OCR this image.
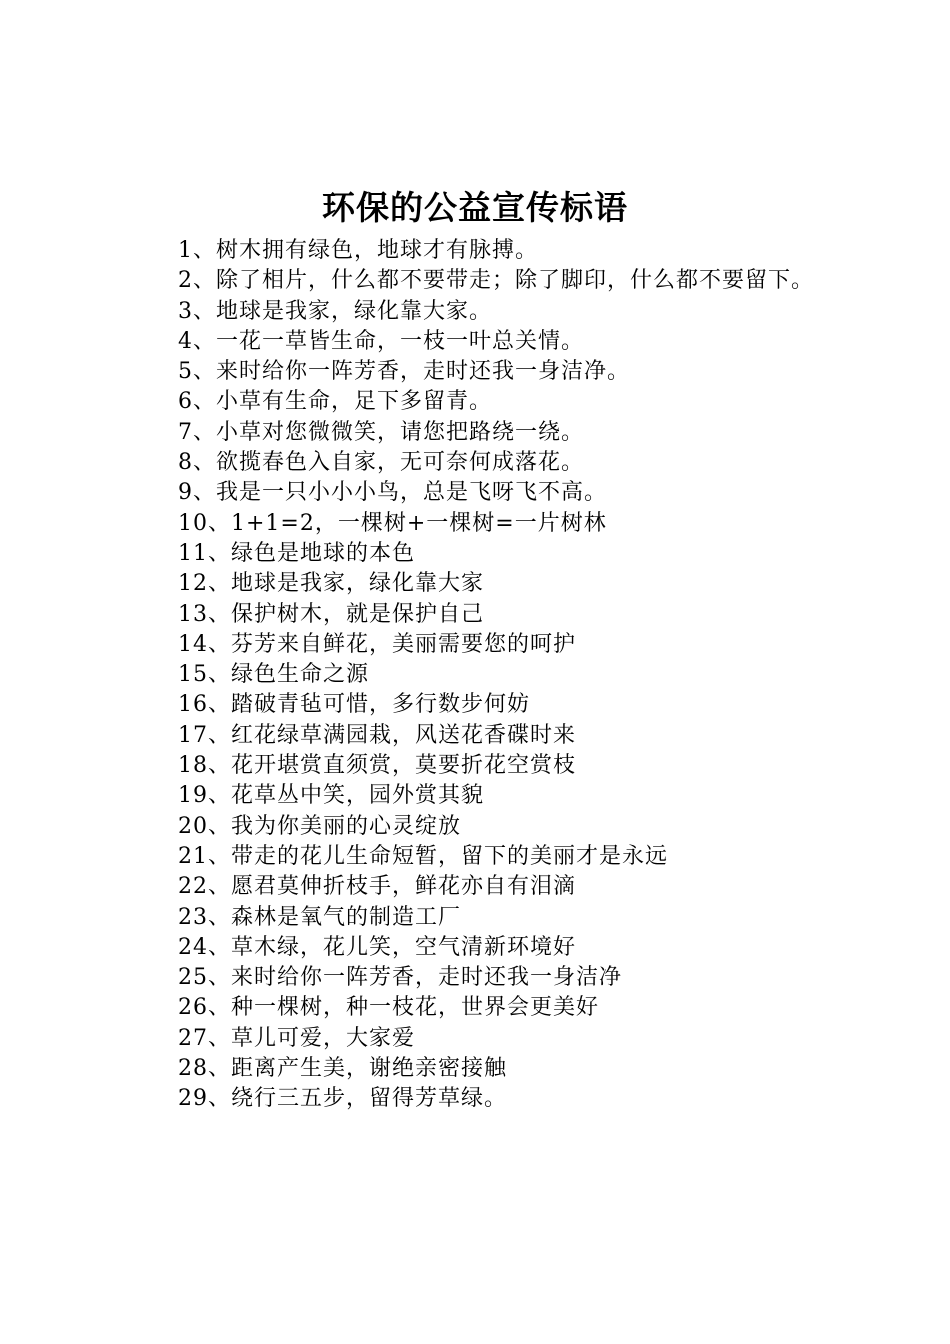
环保的公益宣传标语
1、树木拥有绿色，地球才有脉搏。
2、除了相片，什么都不要带走；除了脚印，什么都不要留下。
3、地球是我家，绿化靠大家。
4、一花一草皆生命，一枝一叶总关情。
5、来时给你一阵芳香，走时还我一身洁净。
6、小草有生命，足下多留青。
7、小草对您微微笑，请您把路绕一绕。
8、欲揽春色入自家，无可奈何成落花。
9、我是一只小小小鸟，总是飞呀飞不高。
10、1+1=2，一棵树+一棵树=一片树林
11、绿色是地球的本色
12、地球是我家，绿化靠大家
13、保护树木，就是保护自己
14、芬芳来自鲜花，美丽需要您的呵护
15、绿色生命之源
16、踏破青毡可惜，多行数步何妨
17、红花绿草满园栽，风送花香碟时来
18、花开堪赏直须赏，莫要折花空赏枝
19、花草丛中笑，园外赏其貌
20、我为你美丽的心灵绽放
21、带走的花儿生命短暂，留下的美丽才是永远
22、愿君莫伸折枝手，鲜花亦自有泪滴
23、森林是氧气的制造工厂
24、草木绿，花儿笑，空气清新环境好
25、来时给你一阵芳香，走时还我一身洁净
26、种一棵树，种一枝花，世界会更美好
27、草儿可爱，大家爱
28、距离产生美，谢绝亲密接触
29、绕行三五步，留得芳草绿。
